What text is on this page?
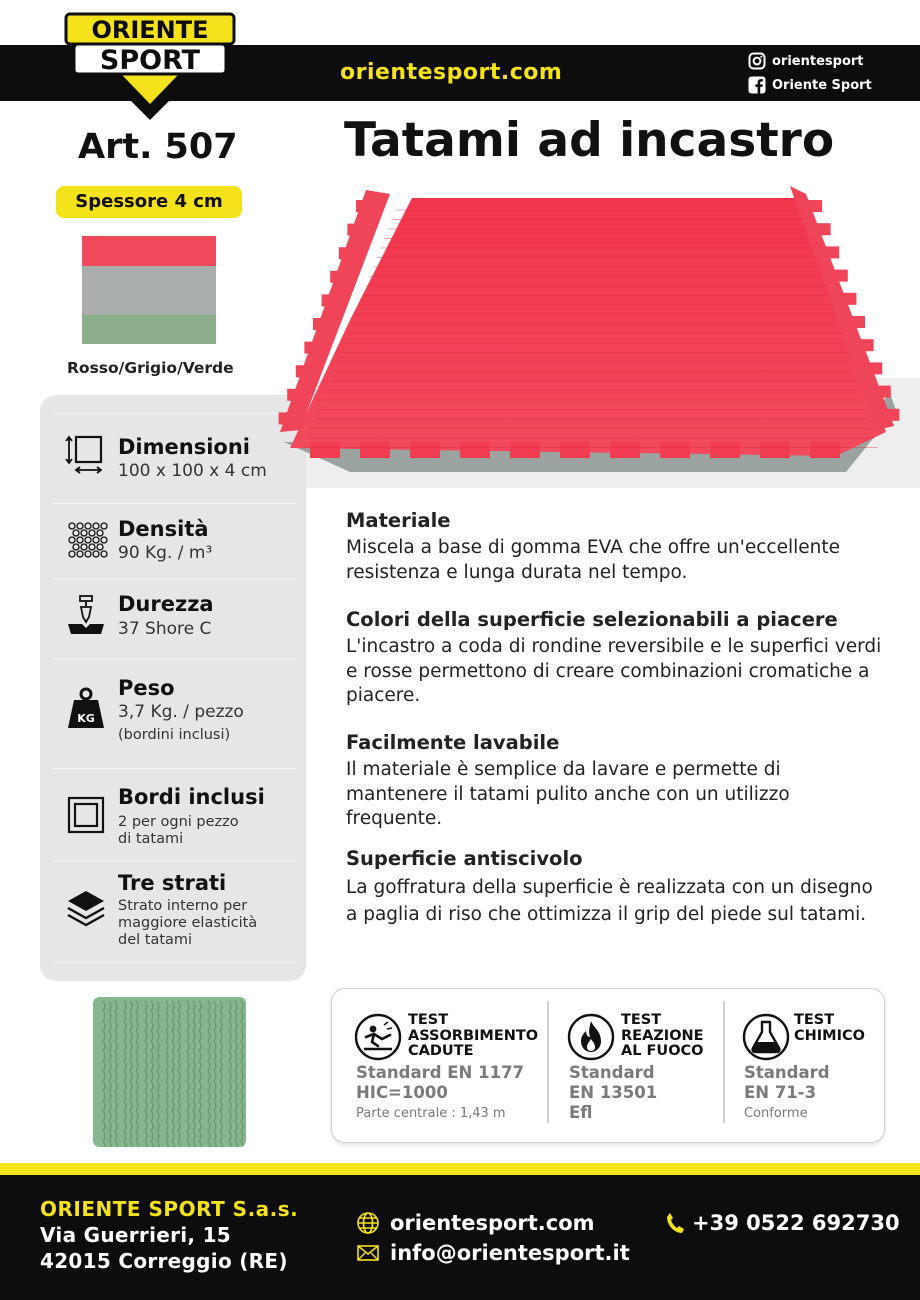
ORIENTE
SPORT	orientesport.com	orientesport
Oriente Sport
Art. 507
Spessore 4 cm
Rosso/Grigio/Verde
Dimensioni
100 x 100 x 4 cm
Densità
90 Kg. / m³
Durezza
37 Shore C
KG
Peso
3,7 Kg. / pezzo
(bordini inclusi)
Bordi inclusi
2 per ogni pezzo
di tatami
Tre strati
Strato interno per
maggiore elasticità
del tatami
Tatami ad incastro
Materiale

Miscela a base di gomma EVA che offre un'eccellente resistenza e lunga durata nel tempo.

Colori della superficie selezionabili a piacere

L'incastro a coda di rondine reversibile e le superfici verdi e rosse permettono di creare combinazioni cromatiche a piacere.

Facilmente lavabile

Il materiale è semplice da lavare e permette di mantenere il tatami pulito anche con un utilizzo frequente.

Superficie antiscivolo

La goffratura della superficie è realizzata con un disegno a paglia di riso che ottimizza il grip del piede sul tatami.

TEST
ASSORBIMENTO
CADUTE
Standard EN 1177
HIC=1000
Parte centrale : 1,43 m
TEST
REAZIONE
AL FUOCO
Standard
EN 13501
Efl
TEST
CHIMICO
Standard
EN 71-3
Conforme
ORIENTE SPORT S.a.s.
Via Guerrieri, 15
42015 Correggio (RE)
orientesport.com
info@orientesport.it
+39 0522 692730
